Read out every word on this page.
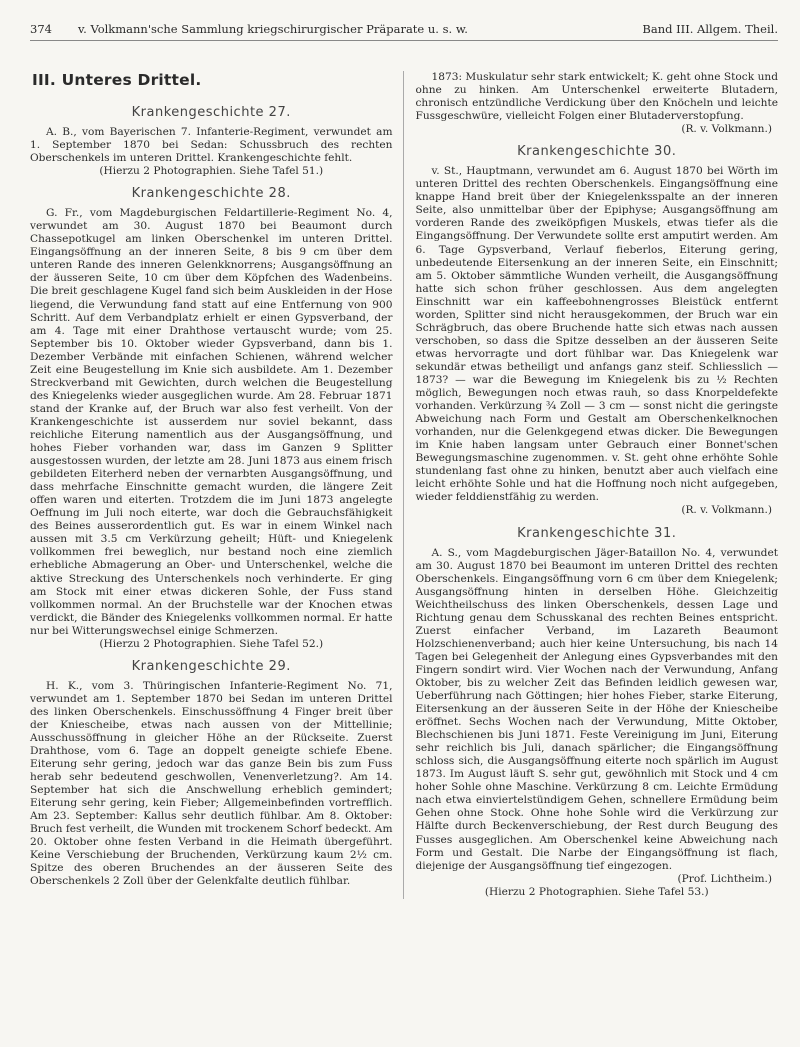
374	v. Volkmann'sche Sammlung kriegschirurgischer Präparate u. s. w.	Band III. Allgem. Theil.
III. Unteres Drittel.
Krankengeschichte 27.

A. B., vom Bayerischen 7. Infanterie-Regiment, verwundet am 1. September 1870 bei Sedan: Schussbruch des rechten Oberschenkels im unteren Drittel. Krankengeschichte fehlt.

(Hierzu 2 Photographien. Siehe Tafel 51.)

Krankengeschichte 28.

G. Fr., vom Magdeburgischen Feldartillerie-Regiment No. 4, verwundet am 30. August 1870 bei Beaumont durch Chassepotkugel am linken Oberschenkel im unteren Drittel. Eingangsöffnung an der inneren Seite, 8 bis 9 cm über dem unteren Rande des inneren Gelenkknorrens; Ausgangsöffnung an der äusseren Seite, 10 cm über dem Köpfchen des Wadenbeins. Die breit geschlagene Kugel fand sich beim Auskleiden in der Hose liegend, die Verwundung fand statt auf eine Entfernung von 900 Schritt. Auf dem Verbandplatz erhielt er einen Gypsverband, der am 4. Tage mit einer Drahthose vertauscht wurde; vom 25. September bis 10. Oktober wieder Gypsverband, dann bis 1. Dezember Verbände mit einfachen Schienen, während welcher Zeit eine Beugestellung im Knie sich ausbildete. Am 1. Dezember Streckverband mit Gewichten, durch welchen die Beugestellung des Kniegelenks wieder ausgeglichen wurde. Am 28. Februar 1871 stand der Kranke auf, der Bruch war also fest verheilt. Von der Krankengeschichte ist ausserdem nur soviel bekannt, dass reichliche Eiterung namentlich aus der Ausgangsöffnung, und hohes Fieber vorhanden war, dass im Ganzen 9 Splitter ausgestossen wurden, der letzte am 28. Juni 1873 aus einem frisch gebildeten Eiterherd neben der vernarbten Ausgangsöffnung, und dass mehrfache Einschnitte gemacht wurden, die längere Zeit offen waren und eiterten. Trotzdem die im Juni 1873 angelegte Oeffnung im Juli noch eiterte, war doch die Gebrauchsfähigkeit des Beines ausserordentlich gut. Es war in einem Winkel nach aussen mit 3.5 cm Verkürzung geheilt; Hüft- und Kniegelenk vollkommen frei beweglich, nur bestand noch eine ziemlich erhebliche Abmagerung an Ober- und Unterschenkel, welche die aktive Streckung des Unterschenkels noch verhinderte. Er ging am Stock mit einer etwas dickeren Sohle, der Fuss stand vollkommen normal. An der Bruchstelle war der Knochen etwas verdickt, die Bänder des Kniegelenks vollkommen normal. Er hatte nur bei Witterungswechsel einige Schmerzen.

(Hierzu 2 Photographien. Siehe Tafel 52.)

Krankengeschichte 29.

H. K., vom 3. Thüringischen Infanterie-Regiment No. 71, verwundet am 1. September 1870 bei Sedan im unteren Drittel des linken Oberschenkels. Einschussöffnung 4 Finger breit über der Kniescheibe, etwas nach aussen von der Mittellinie; Ausschussöffnung in gleicher Höhe an der Rückseite. Zuerst Drahthose, vom 6. Tage an doppelt geneigte schiefe Ebene. Eiterung sehr gering, jedoch war das ganze Bein bis zum Fuss herab sehr bedeutend geschwollen, Venenverletzung?. Am 14. September hat sich die Anschwellung erheblich gemindert; Eiterung sehr gering, kein Fieber; Allgemeinbefinden vortrefflich. Am 23. September: Kallus sehr deutlich fühlbar. Am 8. Oktober: Bruch fest verheilt, die Wunden mit trockenem Schorf bedeckt. Am 20. Oktober ohne festen Verband in die Heimath übergeführt. Keine Verschiebung der Bruchenden, Verkürzung kaum 2½ cm. Spitze des oberen Bruchendes an der äusseren Seite des Oberschenkels 2 Zoll über der Gelenkfalte deutlich fühlbar.

1873: Muskulatur sehr stark entwickelt; K. geht ohne Stock und ohne zu hinken. Am Unterschenkel erweiterte Blutadern, chronisch entzündliche Verdickung über den Knöcheln und leichte Fussgeschwüre, vielleicht Folgen einer Blutaderverstopfung.

(R. v. Volkmann.)

Krankengeschichte 30.

v. St., Hauptmann, verwundet am 6. August 1870 bei Wörth im unteren Drittel des rechten Oberschenkels. Eingangsöffnung eine knappe Hand breit über der Kniegelenksspalte an der inneren Seite, also unmittelbar über der Epiphyse; Ausgangsöffnung am vorderen Rande des zweiköpfigen Muskels, etwas tiefer als die Eingangsöffnung. Der Verwundete sollte erst amputirt werden. Am 6. Tage Gypsverband, Verlauf fieberlos, Eiterung gering, unbedeutende Eitersenkung an der inneren Seite, ein Einschnitt; am 5. Oktober sämmtliche Wunden verheilt, die Ausgangsöffnung hatte sich schon früher geschlossen. Aus dem angelegten Einschnitt war ein kaffeebohnengrosses Bleistück entfernt worden, Splitter sind nicht herausgekommen, der Bruch war ein Schrägbruch, das obere Bruchende hatte sich etwas nach aussen verschoben, so dass die Spitze desselben an der äusseren Seite etwas hervorragte und dort fühlbar war. Das Kniegelenk war sekundär etwas betheiligt und anfangs ganz steif. Schliesslich — 1873? — war die Bewegung im Kniegelenk bis zu ½ Rechten möglich, Bewegungen noch etwas rauh, so dass Knorpeldefekte vorhanden. Verkürzung ¾ Zoll — 3 cm — sonst nicht die geringste Abweichung nach Form und Gestalt am Oberschenkelknochen vorhanden, nur die Gelenkgegend etwas dicker. Die Bewegungen im Knie haben langsam unter Gebrauch einer Bonnet'schen Bewegungsmaschine zugenommen. v. St. geht ohne erhöhte Sohle stundenlang fast ohne zu hinken, benutzt aber auch vielfach eine leicht erhöhte Sohle und hat die Hoffnung noch nicht aufgegeben, wieder felddienstfähig zu werden.

(R. v. Volkmann.)

Krankengeschichte 31.

A. S., vom Magdeburgischen Jäger-Bataillon No. 4, verwundet am 30. August 1870 bei Beaumont im unteren Drittel des rechten Oberschenkels. Eingangsöffnung vorn 6 cm über dem Kniegelenk; Ausgangsöffnung hinten in derselben Höhe. Gleichzeitig Weichtheilschuss des linken Oberschenkels, dessen Lage und Richtung genau dem Schusskanal des rechten Beines entspricht. Zuerst einfacher Verband, im Lazareth Beaumont Holzschienenverband; auch hier keine Untersuchung, bis nach 14 Tagen bei Gelegenheit der Anlegung eines Gypsverbandes mit den Fingern sondirt wird. Vier Wochen nach der Verwundung, Anfang Oktober, bis zu welcher Zeit das Befinden leidlich gewesen war, Ueberführung nach Göttingen; hier hohes Fieber, starke Eiterung, Eitersenkung an der äusseren Seite in der Höhe der Kniescheibe eröffnet. Sechs Wochen nach der Verwundung, Mitte Oktober, Blechschienen bis Juni 1871. Feste Vereinigung im Juni, Eiterung sehr reichlich bis Juli, danach spärlicher; die Eingangsöffnung schloss sich, die Ausgangsöffnung eiterte noch spärlich im August 1873. Im August läuft S. sehr gut, gewöhnlich mit Stock und 4 cm hoher Sohle ohne Maschine. Verkürzung 8 cm. Leichte Ermüdung nach etwa einviertelstündigem Gehen, schnellere Ermüdung beim Gehen ohne Stock. Ohne hohe Sohle wird die Verkürzung zur Hälfte durch Beckenverschiebung, der Rest durch Beugung des Fusses ausgeglichen. Am Oberschenkel keine Abweichung nach Form und Gestalt. Die Narbe der Eingangsöffnung ist flach, diejenige der Ausgangsöffnung tief eingezogen.

(Prof. Lichtheim.)

(Hierzu 2 Photographien. Siehe Tafel 53.)
